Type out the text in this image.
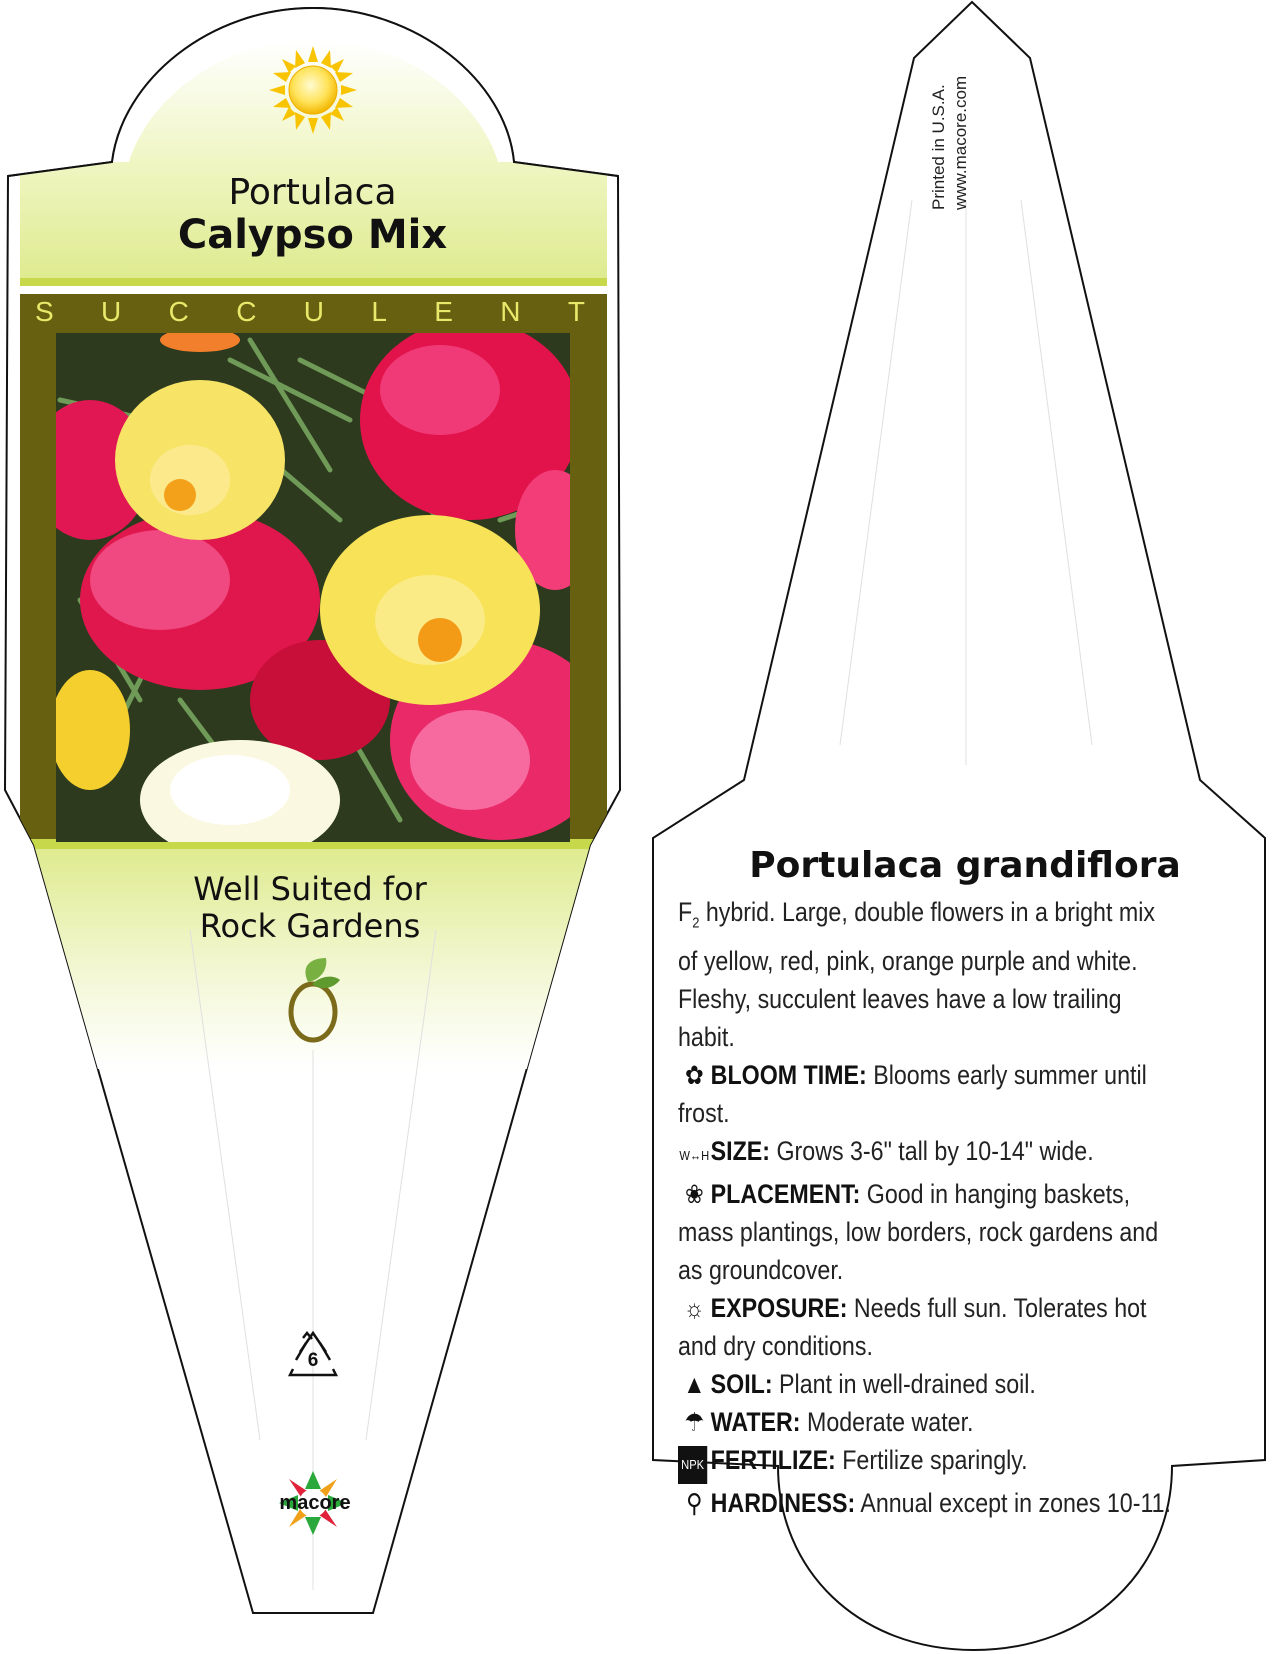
Portulaca
Calypso Mix
S U C C U L E N T
Well Suited for
Rock Gardens
6
macore
Printed in U.S.A. www.macore.com
Portulaca grandiflora

$F_2$ hybrid. Large, double flowers in a bright mix of yellow, red, pink, orange purple and white. Fleshy, succulent leaves have a low trailing habit.

✿ BLOOM TIME: Blooms early summer until frost.

W↔HSIZE: Grows 3-6" tall by 10-14" wide.

❀ PLACEMENT: Good in hanging baskets, mass plantings, low borders, rock gardens and as groundcover.

☼ EXPOSURE: Needs full sun. Tolerates hot and dry conditions.

▲ SOIL: Plant in well-drained soil.

☂ WATER: Moderate water.

NPK FERTILIZE: Fertilize sparingly.

⚲ HARDINESS: Annual except in zones 10-11.
